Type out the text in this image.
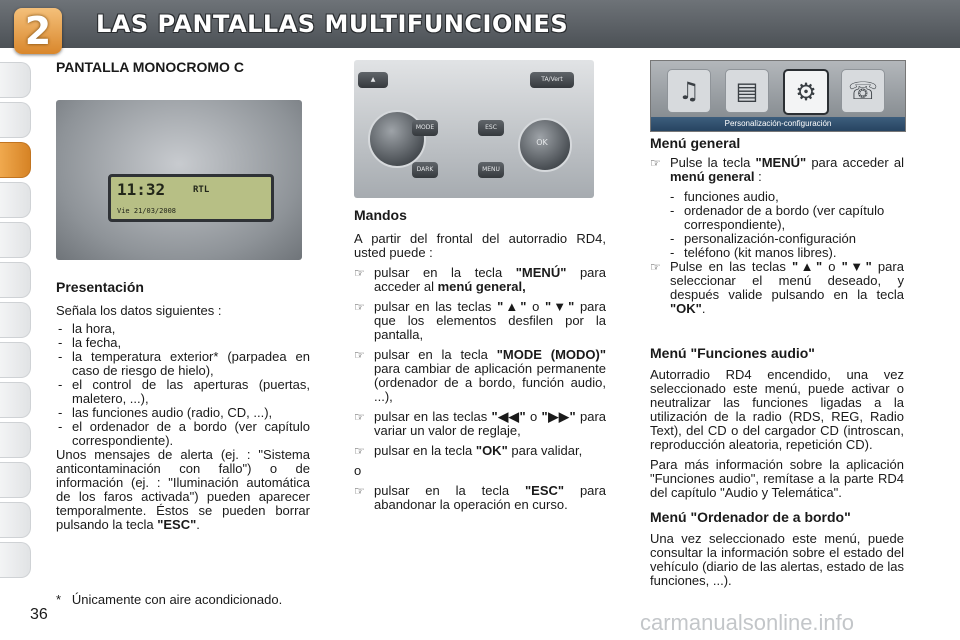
LAS PANTALLAS MULTIFUNCIONES
2
PANTALLA MONOCROMO C
11:32
Vie 21/03/2008
RTL
Presentación

Señala los datos siguientes :

- la hora,
- la fecha,
- la temperatura exterior* (parpadea en caso de riesgo de hielo),
- el control de las aperturas (puertas, maletero, ...),
- las funciones audio (radio, CD, ...),
- el ordenador de a bordo (ver capítulo correspondiente).

Unos mensajes de alerta (ej. : "Sistema anticontaminación con fallo") o de información (ej. : "Iluminación automática de los faros activada") pueden aparecer temporalmente. Éstos se pueden borrar pulsando la tecla "ESC".

▲	TA/Vert
MODE
DARK
ESC
MENU
OK
Mandos

A partir del frontal del autorradio RD4, usted puede :

☞ pulsar en la tecla "MENÚ" para acceder al menú general,
☞ pulsar en las teclas "▲" o "▼" para que los elementos desfilen por la pantalla,
☞ pulsar en la tecla "MODE (MODO)" para cambiar de aplicación permanente (ordenador de a bordo, función audio, ...),
☞ pulsar en las teclas "◀◀" o "▶▶" para variar un valor de reglaje,
☞ pulsar en la tecla "OK" para validar,

o

☞ pulsar en la tecla "ESC" para abandonar la operación en curso.
♫	▤	⚙	☏
Personalización-configuración
Menú general
☞ Pulse la tecla "MENÚ" para acceder al menú general :
- funciones audio,
- ordenador de a bordo (ver capítulo correspondiente),
- personalización-configuración
- teléfono (kit manos libres).
☞ Pulse en las teclas "▲" o "▼" para seleccionar el menú deseado, y después valide pulsando en la tecla "OK".
Menú "Funciones audio"

Autorradio RD4 encendido, una vez seleccionado este menú, puede activar o neutralizar las funciones ligadas a la utilización de la radio (RDS, REG, Radio Text), del CD o del cargador CD (introscan, reproducción aleatoria, repetición CD).

Para más información sobre la aplicación "Funciones audio", remítase a la parte RD4 del capítulo "Audio y Telemática".

Menú "Ordenador de a bordo"

Una vez seleccionado este menú, puede consultar la información sobre el estado del vehículo (diario de las alertas, estado de las funciones, ...).

* Únicamente con aire acondicionado.
36	carmanualsonline.info
